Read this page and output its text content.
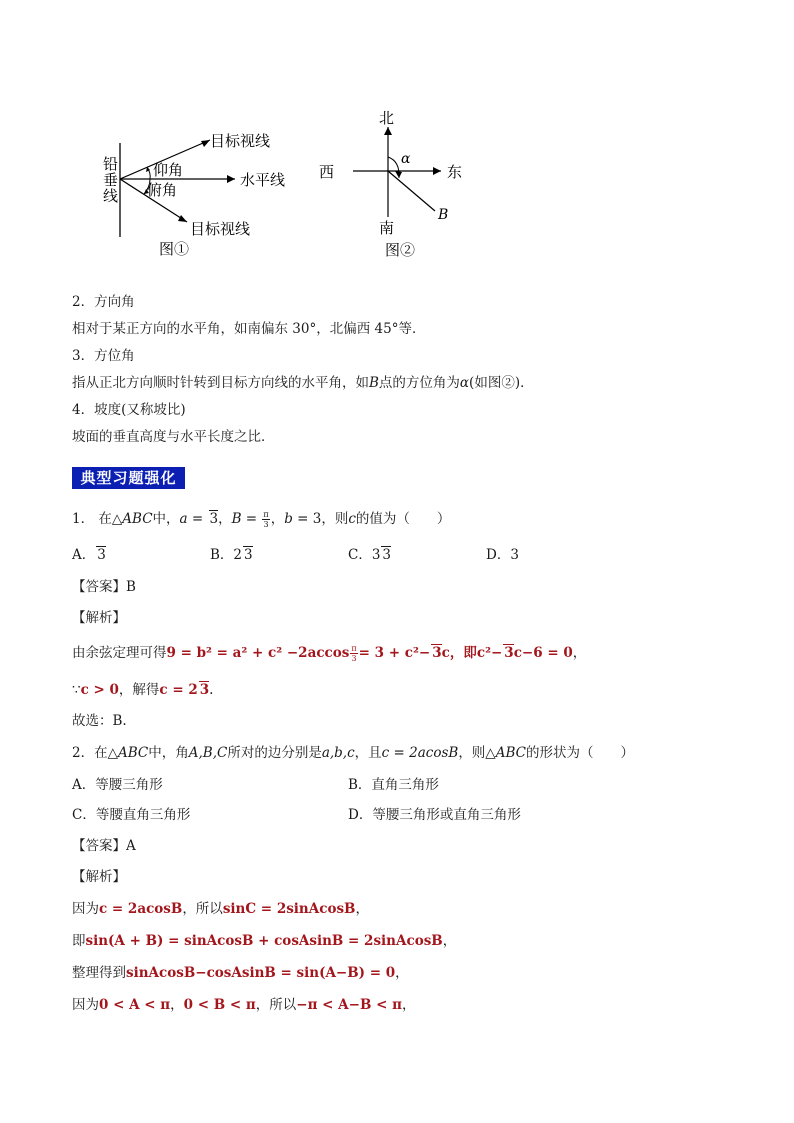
目标视线
仰角
铅
垂
线 俯角
水平线
目标视线
图①
北
α
西	东
B
南
图②
2．方向角
相对于某正方向的水平角，如南偏东 30°，北偏西 45°等．
3．方位角
指从正北方向顺时针转到目标方向线的水平角，如B点的方位角为α(如图②)．
4．坡度(又称坡比)
坡面的垂直高度与水平长度之比．
典型习题强化
1． 在△ABC中，a = 3，$B = \frac{\pi}{3}$ ，b = 3，则c的值为（　　）
A． 3	B．2 3	C．3 3	D．3
【答案】B
【解析】
由余弦定理可得$9 = b^2 = a^2 + c^2 -2accos \frac{\pi}{3} = 3 + c^2- 3c$，即c²− 3c−6 = 0，
∵c > 0，解得c = 2 3.
故选：B.
2．在△ABC中，角A,B,C所对的边分别是a,b,c，且c = 2acosB，则△ABC的形状为（　　）
A．等腰三角形	B．直角三角形
C．等腰直角三角形	D．等腰三角形或直角三角形
【答案】A
【解析】
因为c = 2acosB，所以sinC = 2sinAcosB，
即sin(A + B) = sinAcosB + cosAsinB = 2sinAcosB，
整理得到sinAcosB−cosAsinB = sin(A−B) = 0，
因为0 < A < π，0 < B < π，所以−π < A−B < π，
